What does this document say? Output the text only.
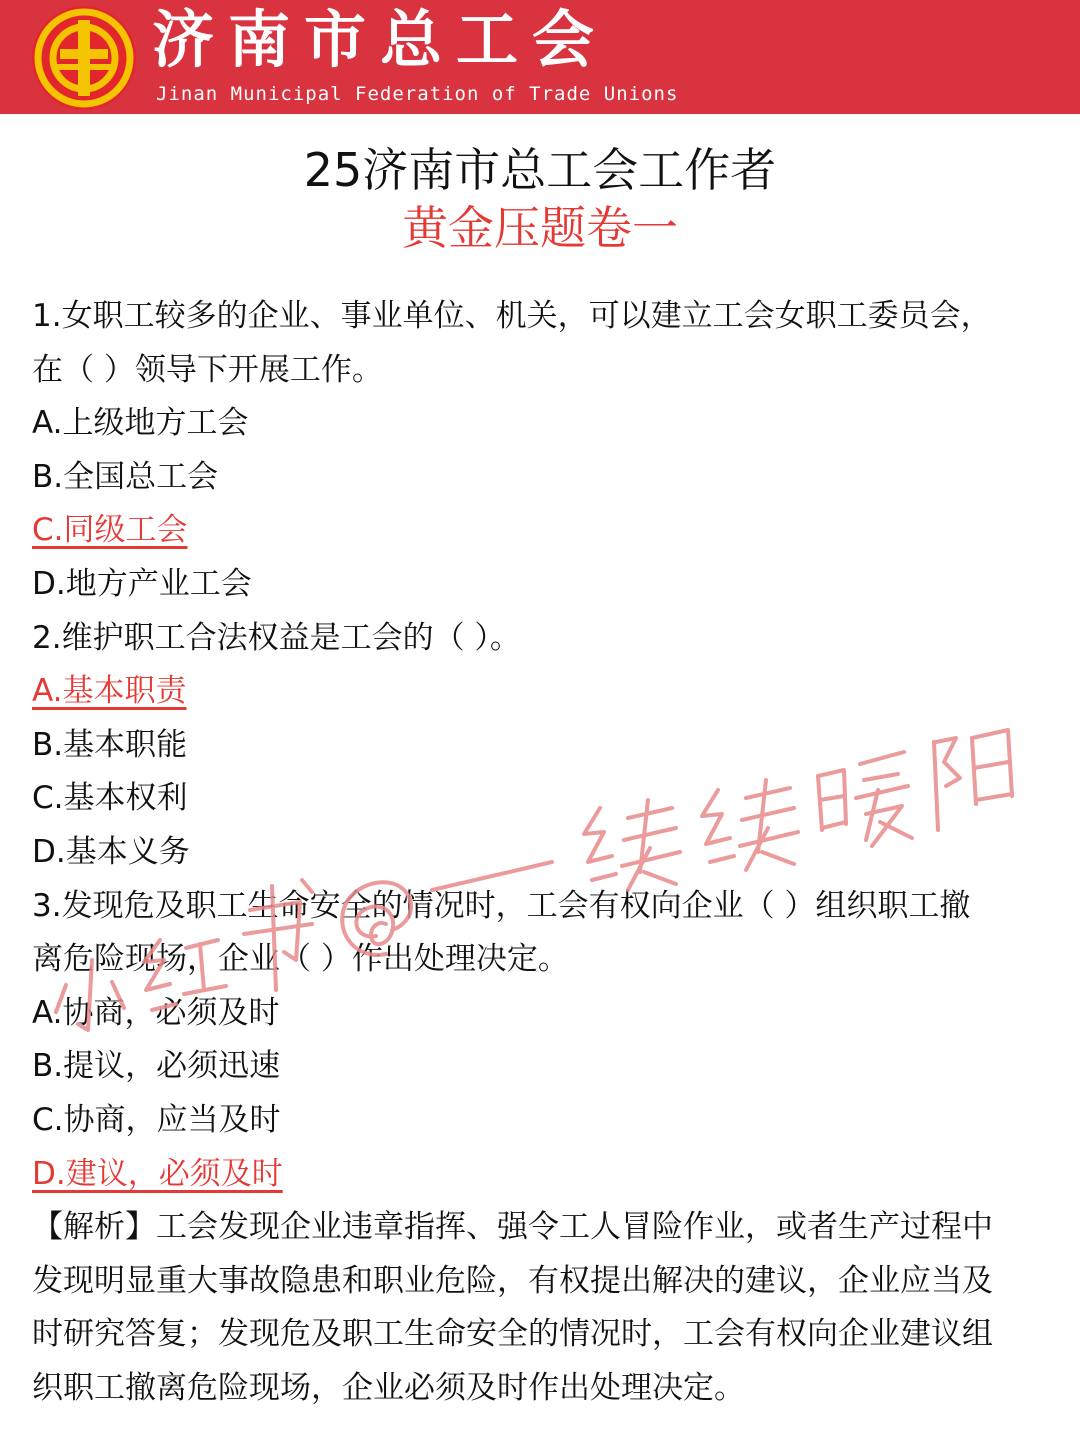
济南市总工会
Jinan Municipal Federation of Trade Unions
25济南市总工会工作者
黄金压题卷一
1.女职工较多的企业、事业单位、机关，可以建立工会女职工委员会，
在（ ）领导下开展工作。
A.上级地方工会
B.全国总工会
C.同级工会
D.地方产业工会
2.维护职工合法权益是工会的（ ）。
A.基本职责
B.基本职能
C.基本权利
D.基本义务
3.发现危及职工生命安全的情况时，工会有权向企业（ ）组织职工撤
离危险现场，企业（ ）作出处理决定。
A.协商，必须及时
B.提议，必须迅速
C.协商，应当及时
D.建议，必须及时
【解析】工会发现企业违章指挥、强令工人冒险作业，或者生产过程中
发现明显重大事故隐患和职业危险，有权提出解决的建议，企业应当及
时研究答复；发现危及职工生命安全的情况时，工会有权向企业建议组
织职工撤离危险现场，企业必须及时作出处理决定。
